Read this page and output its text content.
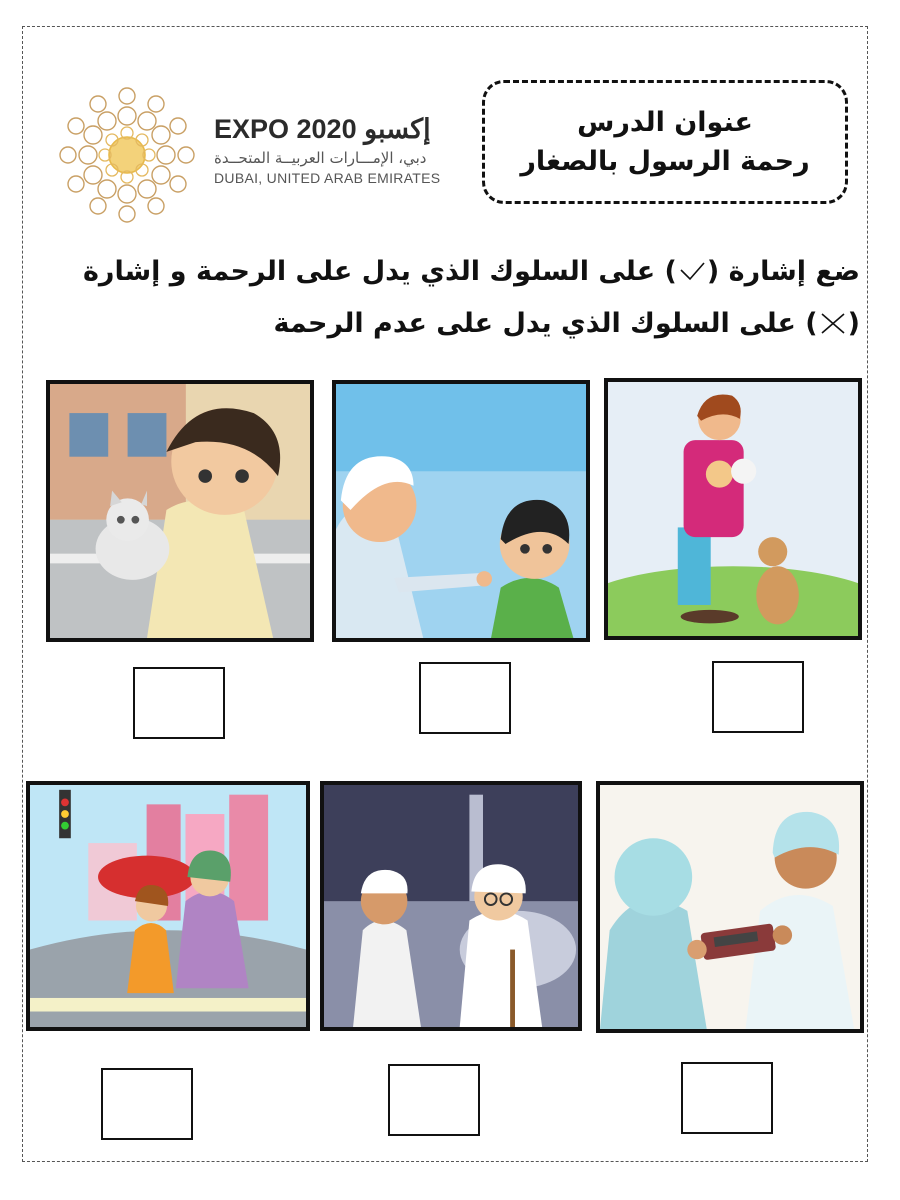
EXPO 2020 إكسبو
دبي، الإمـــارات العربيــة المتحــدة
DUBAI, UNITED ARAB EMIRATES
عنوان الدرس
رحمة الرسول بالصغار
ضع إشارة () على السلوك الذي يدل على الرحمة و إشارة
() على السلوك الذي يدل على عدم الرحمة
